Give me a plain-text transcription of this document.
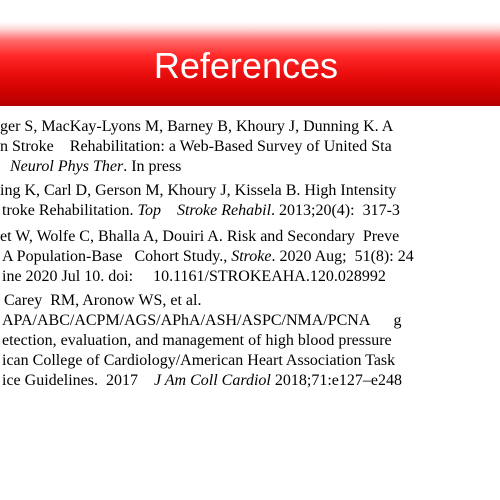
References
ger S, MacKay-Lyons M, Barney B, Khoury J, Dunning K. A
n Stroke    Rehabilitation: a Web-Based Survey of United Sta
Neurol Phys Ther. In press
ing K, Carl D, Gerson M, Khoury J, Kissela B. High Intensity
troke Rehabilitation. Top    Stroke Rehabil. 2013;20(4):  317-3
et W, Wolfe C, Bhalla A, Douiri A. Risk and Secondary  Preve
A Population-Base   Cohort Study., Stroke. 2020 Aug;  51(8): 24
ine 2020 Jul 10. doi:     10.1161/STROKEAHA.120.028992
Carey  RM, Aronow WS, et al.
APA/ABC/ACPM/AGS/APhA/ASH/ASPC/NMA/PCNA      g
etection, evaluation, and management of high blood pressure
ican College of Cardiology/American Heart Association Task
ice Guidelines.  2017    J Am Coll Cardiol 2018;71:e127–e248
